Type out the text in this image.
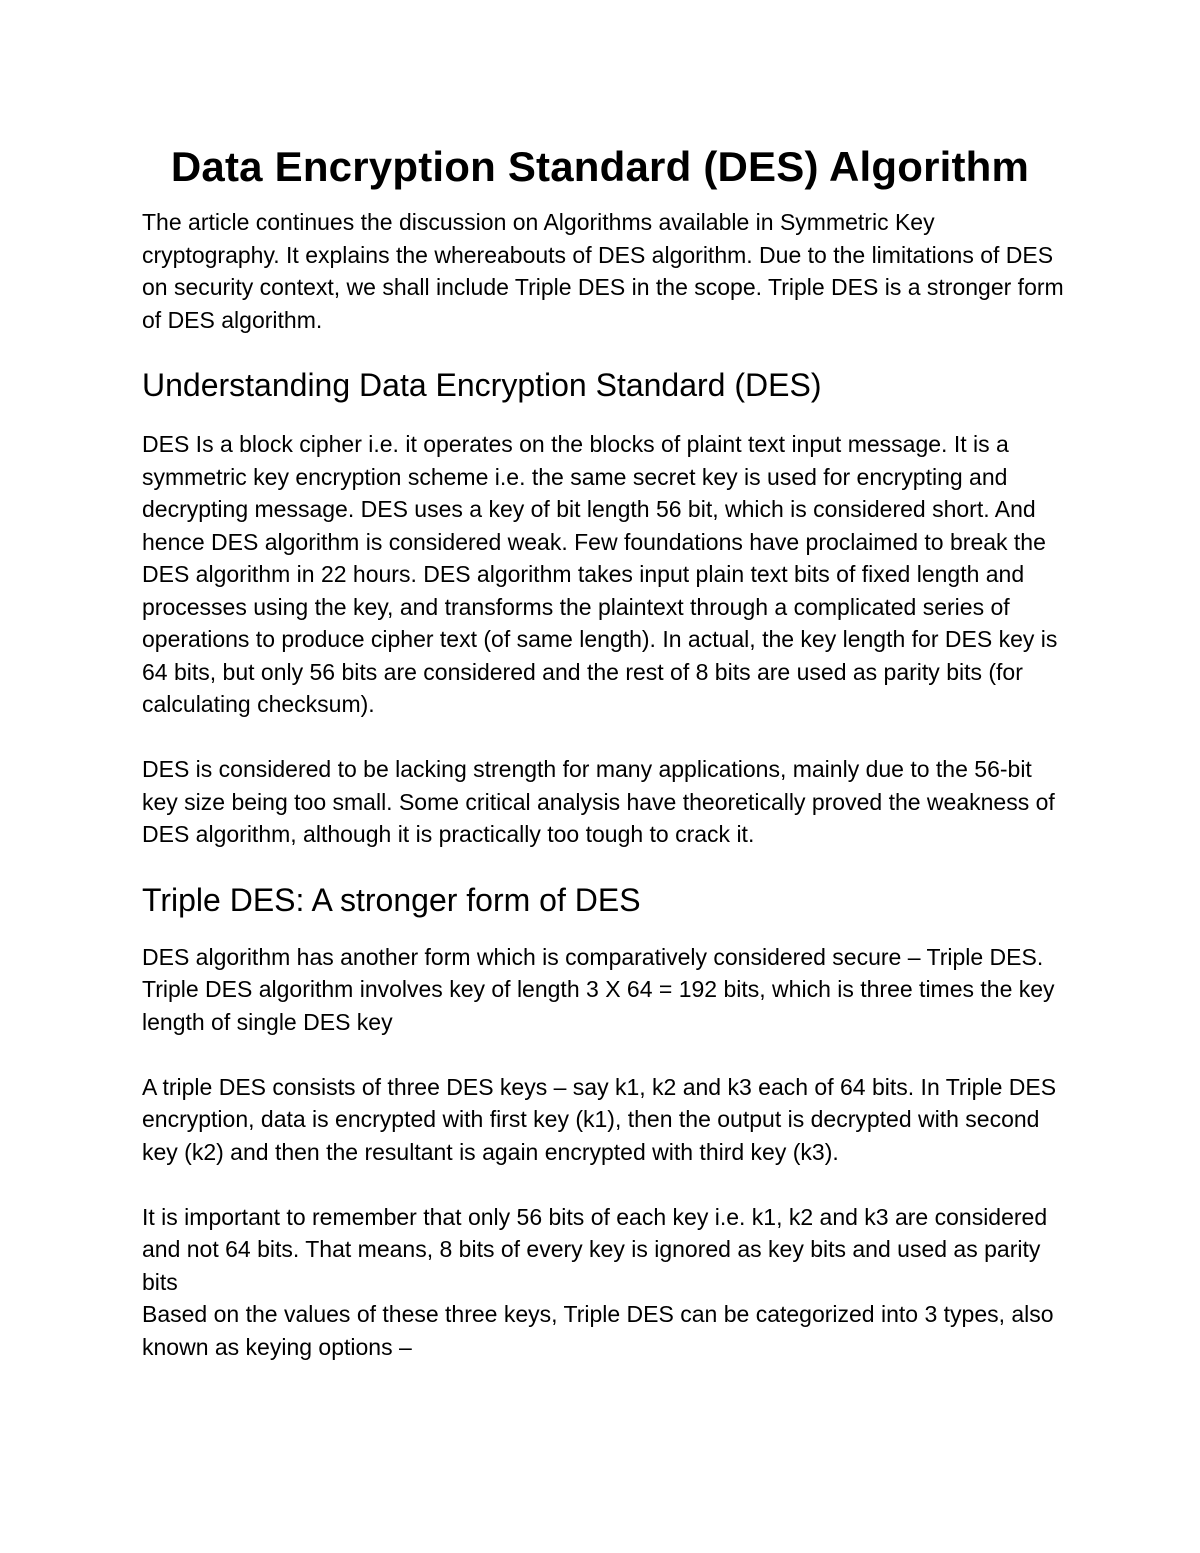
Data Encryption Standard (DES) Algorithm

The article continues the discussion on Algorithms available in Symmetric Key cryptography. It explains the whereabouts of DES algorithm. Due to the limitations of DES on security context, we shall include Triple DES in the scope. Triple DES is a stronger form of DES algorithm.

Understanding Data Encryption Standard (DES)

DES Is a block cipher i.e. it operates on the blocks of plaint text input message. It is a symmetric key encryption scheme i.e. the same secret key is used for encrypting and decrypting message. DES uses a key of bit length 56 bit, which is considered short. And hence DES algorithm is considered weak. Few foundations have proclaimed to break the DES algorithm in 22 hours. DES algorithm takes input plain text bits of fixed length and processes using the key, and transforms the plaintext through a complicated series of operations to produce cipher text (of same length). In actual, the key length for DES key is 64 bits, but only 56 bits are considered and the rest of 8 bits are used as parity bits (for calculating checksum).

DES is considered to be lacking strength for many applications, mainly due to the 56-bit key size being too small. Some critical analysis have theoretically proved the weakness of DES algorithm, although it is practically too tough to crack it.

Triple DES: A stronger form of DES

DES algorithm has another form which is comparatively considered secure – Triple DES. Triple DES algorithm involves key of length 3 X 64 = 192 bits, which is three times the key length of single DES key

A triple DES consists of three DES keys – say k1, k2 and k3 each of 64 bits. In Triple DES encryption, data is encrypted with first key (k1), then the output is decrypted with second key (k2) and then the resultant is again encrypted with third key (k3).

It is important to remember that only 56 bits of each key i.e. k1, k2 and k3 are considered and not 64 bits. That means, 8 bits of every key is ignored as key bits and used as parity bits

Based on the values of these three keys, Triple DES can be categorized into 3 types, also known as keying options –
